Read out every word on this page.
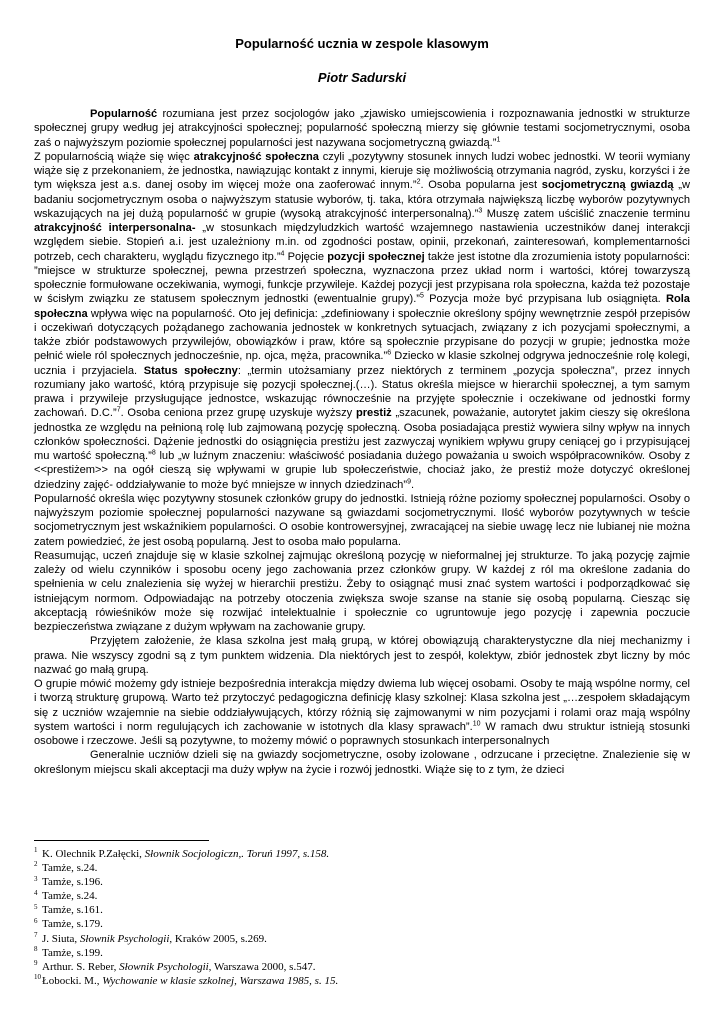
Popularność ucznia w zespole klasowym
Piotr Sadurski

Popularność rozumiana jest przez socjologów jako „zjawisko umiejscowienia i rozpoznawania jednostki w strukturze społecznej grupy według jej atrakcyjności społecznej; popularność społeczną mierzy się głównie testami socjometrycznymi, osoba zaś o najwyższym poziomie społecznej popularności jest nazywana socjometryczną gwiazdą.”$^1$
Z popularnością wiąże się więc atrakcyjność społeczna czyli „pozytywny stosunek innych ludzi wobec jednostki. W teorii wymiany wiąże się z przekonaniem, że jednostka, nawiązując kontakt z innymi, kieruje się możliwością otrzymania nagród, zysku, korzyści i że tym większa jest a.s. danej osoby im więcej może ona zaoferować innym.”$^2$. Osoba popularna jest socjometryczną gwiazdą „w badaniu socjometrycznym osoba o najwyższym statusie wyborów, tj. taka, która otrzymała największą liczbę wyborów pozytywnych wskazujących na jej dużą popularność w grupie (wysoką atrakcyjność interpersonalną).”$^3$ Muszę zatem uściślić znaczenie terminu atrakcyjność interpersonalna- „w stosunkach międzyludzkich wartość wzajemnego nastawienia uczestników danej interakcji względem siebie. Stopień a.i. jest uzależniony m.in. od zgodności postaw, opinii, przekonań, zainteresowań, komplementarności potrzeb, cech charakteru, wyglądu fizycznego itp.”$^4$ Pojęcie pozycji społecznej także jest istotne dla zrozumienia istoty popularności: ”miejsce w strukturze społecznej, pewna przestrzeń społeczna, wyznaczona przez układ norm i wartości, której towarzyszą społecznie formułowane oczekiwania, wymogi, funkcje przywileje. Każdej pozycji jest przypisana rola społeczna, każda też pozostaje w ścisłym związku ze statusem społecznym jednostki (ewentualnie grupy).”$^5$ Pozycja może być przypisana lub osiągnięta. Rola społeczna wpływa więc na popularność. Oto jej definicja: „zdefiniowany i społecznie określony spójny wewnętrznie zespół przepisów i oczekiwań dotyczących pożądanego zachowania jednostek w konkretnych sytuacjach, związany z ich pozycjami społecznymi, a także zbiór podstawowych przywilejów, obowiązków i praw, które są społecznie przypisane do pozycji w grupie; jednostka może pełnić wiele ról społecznych jednocześnie, np. ojca, męża, pracownika.”$^6$ Dziecko w klasie szkolnej odgrywa jednocześnie rolę kolegi, ucznia i przyjaciela. Status społeczny: „termin utożsamiany przez niektórych z terminem „pozycja społeczna”, przez innych rozumiany jako wartość, którą przypisuje się pozycji społecznej.(…). Status określa miejsce w hierarchii społecznej, a tym samym prawa i przywileje przysługujące jednostce, wskazując równocześnie na przyjęte społecznie i oczekiwane od jednostki formy zachowań. D.C.”$^7$. Osoba ceniona przez grupę uzyskuje wyższy prestiż „szacunek, poważanie, autorytet jakim cieszy się określona jednostka ze względu na pełnioną rolę lub zajmowaną pozycję społeczną. Osoba posiadająca prestiż wywiera silny wpływ na innych członków społeczności. Dążenie jednostki do osiągnięcia prestiżu jest zazwyczaj wynikiem wpływu grupy ceniącej go i przypisującej mu wartość społeczną.”$^8$ lub „w luźnym znaczeniu: właściwość posiadania dużego poważania u swoich współpracowników. Osoby z <<prestiżem>> na ogół cieszą się wpływami w grupie lub społeczeństwie, chociaż jako, że prestiż może dotyczyć określonej dziedziny zajęć- oddziaływanie to może być mniejsze w innych dziedzinach”$^9$.

Popularność określa więc pozytywny stosunek członków grupy do jednostki. Istnieją różne poziomy społecznej popularności. Osoby o najwyższym poziomie społecznej popularności nazywane są gwiazdami socjometrycznymi. Ilość wyborów pozytywnych w teście socjometrycznym jest wskaźnikiem popularności. O osobie kontrowersyjnej, zwracającej na siebie uwagę lecz nie lubianej nie można zatem powiedzieć, że jest osobą popularną. Jest to osoba mało popularna.

Reasumując, uczeń znajduje się w klasie szkolnej zajmując określoną pozycję w nieformalnej jej strukturze. To jaką pozycję zajmie zależy od wielu czynników i sposobu oceny jego zachowania przez członków grupy. W każdej z ról ma określone zadania do spełnienia w celu znalezienia się wyżej w hierarchii prestiżu. Żeby to osiągnąć musi znać system wartości i podporządkować się istniejącym normom. Odpowiadając na potrzeby otoczenia zwiększa swoje szanse na stanie się osobą popularną. Ciesząc się akceptacją rówieśników może się rozwijać intelektualnie i społecznie co ugruntowuje jego pozycję i zapewnia poczucie bezpieczeństwa związane z dużym wpływam na zachowanie grupy.

Przyjętem założenie, że klasa szkolna jest małą grupą, w której obowiązują charakterystyczne dla niej mechanizmy i prawa. Nie wszyscy zgodni są z tym punktem widzenia. Dla niektórych jest to zespół, kolektyw, zbiór jednostek zbyt liczny by móc nazwać go małą grupą.

O grupie mówić możemy gdy istnieje bezpośrednia interakcja między dwiema lub więcej osobami. Osoby te mają wspólne normy, cel i tworzą strukturę grupową. Warto też przytoczyć pedagogiczna definicję klasy szkolnej: Klasa szkolna jest „…zespołem składającym się z uczniów wzajemnie na siebie oddziaływujących, którzy różnią się zajmowanymi w nim pozycjami i rolami oraz mają wspólny system wartości i norm regulujących ich zachowanie w istotnych dla klasy sprawach”.$^{10}$ W ramach dwu struktur istnieją stosunki osobowe i rzeczowe. Jeśli są pozytywne, to możemy mówić o poprawnych stosunkach interpersonalnych

Generalnie uczniów dzieli się na gwiazdy socjometryczne, osoby izolowane , odrzucane i przeciętne. Znalezienie się w określonym miejscu skali akceptacji ma duży wpływ na życie i rozwój jednostki. Wiąże się to z tym, że dzieci

1 K. Olechnik P.Załęcki, Słownik Socjologiczn,. Toruń 1997, s.158.
2 Tamże, s.24.
3 Tamże, s.196.
4 Tamże, s.24.
5 Tamże, s.161.
6 Tamże, s.179.
7 J. Siuta, Słownik Psychologii, Kraków 2005, s.269.
8 Tamże, s.199.
9 Arthur. S. Reber, Słownik Psychologii, Warszawa 2000, s.547.
10Łobocki. M., Wychowanie w klasie szkolnej, Warszawa 1985, s. 15.
